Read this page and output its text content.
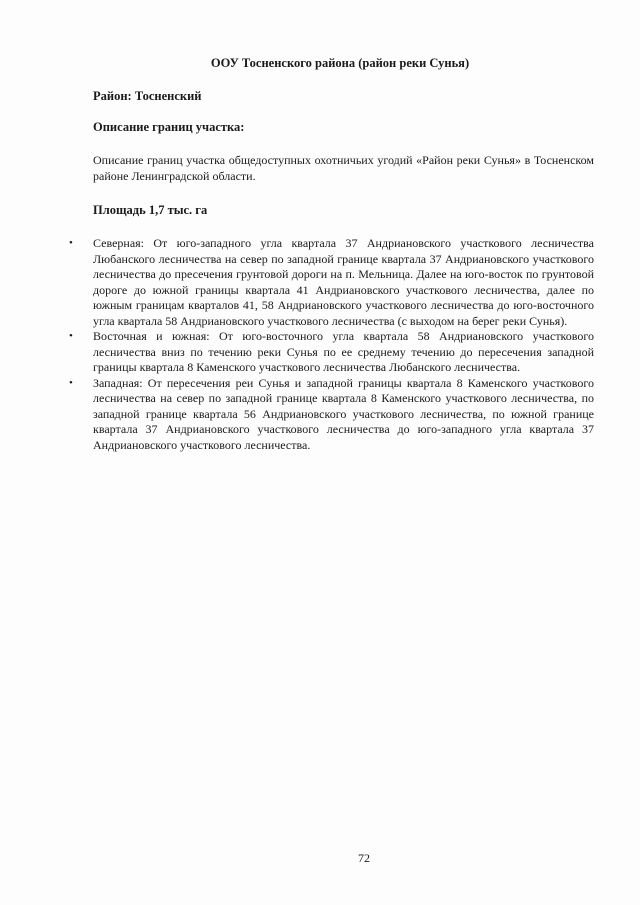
ООУ Тосненского района (район реки Сунья)
Район: Тосненский
Описание границ участка:
Описание границ участка общедоступных охотничьих угодий «Район реки Сунья» в Тосненском районе Ленинградской области.
Площадь 1,7 тыс. га
• Северная: От юго-западного угла квартала 37 Андриановского участкового лесничества Любанского лесничества на север по западной границе квартала 37 Андриановского участкового лесничества до пресечения грунтовой дороги на п. Мельница. Далее на юго-восток по грунтовой дороге до южной границы квартала 41 Андриановского участкового лесничества, далее по южным границам кварталов 41, 58 Андриановского участкового лесничества до юго-восточного угла квартала 58 Андриановского участкового лесничества (с выходом на берег реки Сунья).
• Восточная и южная: От юго-восточного угла квартала 58 Андриановского участкового лесничества вниз по течению реки Сунья по ее среднему течению до пересечения западной границы квартала 8 Каменского участкового лесничества Любанского лесничества.
• Западная: От пересечения реи Сунья и западной границы квартала 8 Каменского участкового лесничества на север по западной границе квартала 8 Каменского участкового лесничества, по западной границе квартала 56 Андриановского участкового лесничества, по южной границе квартала 37 Андриановского участкового лесничества до юго-западного угла квартала 37 Андриановского участкового лесничества.
72
